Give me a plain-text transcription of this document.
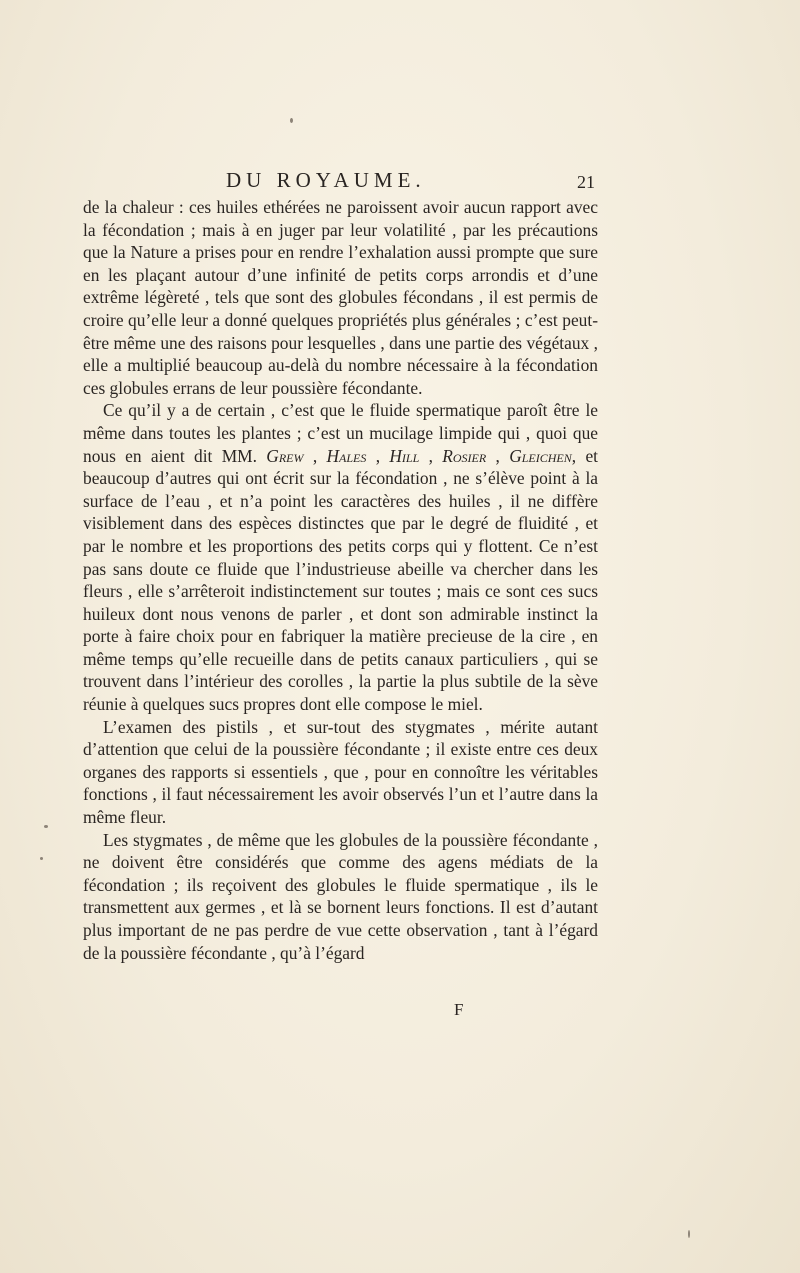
DU ROYAUME.	21

de la chaleur : ces huiles ethérées ne paroissent avoir aucun rapport avec la fécondation ; mais à en juger par leur volatilité , par les précautions que la Nature a prises pour en rendre l’exhalation aussi prompte que sure en les plaçant autour d’une infinité de petits corps arrondis et d’une extrême légèreté , tels que sont des globules fécondans , il est permis de croire qu’elle leur a donné quelques propriétés plus générales ; c’est peut-être même une des raisons pour lesquelles , dans une partie des végétaux , elle a multiplié beaucoup au-delà du nombre nécessaire à la fécondation ces globules errans de leur poussière fécondante.

Ce qu’il y a de certain , c’est que le fluide spermatique paroît être le même dans toutes les plantes ; c’est un mucilage limpide qui , quoi que nous en aient dit MM. Grew , Hales , Hill , Rosier , Gleichen, et beaucoup d’autres qui ont écrit sur la fécondation , ne s’élève point à la surface de l’eau , et n’a point les caractères des huiles , il ne diffère visiblement dans des espèces distinctes que par le degré de fluidité , et par le nombre et les proportions des petits corps qui y flottent. Ce n’est pas sans doute ce fluide que l’industrieuse abeille va chercher dans les fleurs , elle s’arrêteroit indistinctement sur toutes ; mais ce sont ces sucs huileux dont nous venons de parler , et dont son admirable instinct la porte à faire choix pour en fabriquer la matière precieuse de la cire , en même temps qu’elle recueille dans de petits canaux particuliers , qui se trouvent dans l’intérieur des corolles , la partie la plus subtile de la sève réunie à quelques sucs propres dont elle compose le miel.

L’examen des pistils , et sur-tout des stygmates , mérite autant d’attention que celui de la poussière fécondante ; il existe entre ces deux organes des rapports si essentiels , que , pour en connoître les véritables fonctions , il faut nécessairement les avoir observés l’un et l’autre dans la même fleur.

Les stygmates , de même que les globules de la poussière fécondante , ne doivent être considérés que comme des agens médiats de la fécondation ; ils reçoivent des globules le fluide spermatique , ils le transmettent aux germes , et là se bornent leurs fonctions. Il est d’autant plus important de ne pas perdre de vue cette observation , tant à l’égard de la poussière fécondante , qu’à l’égard

F
